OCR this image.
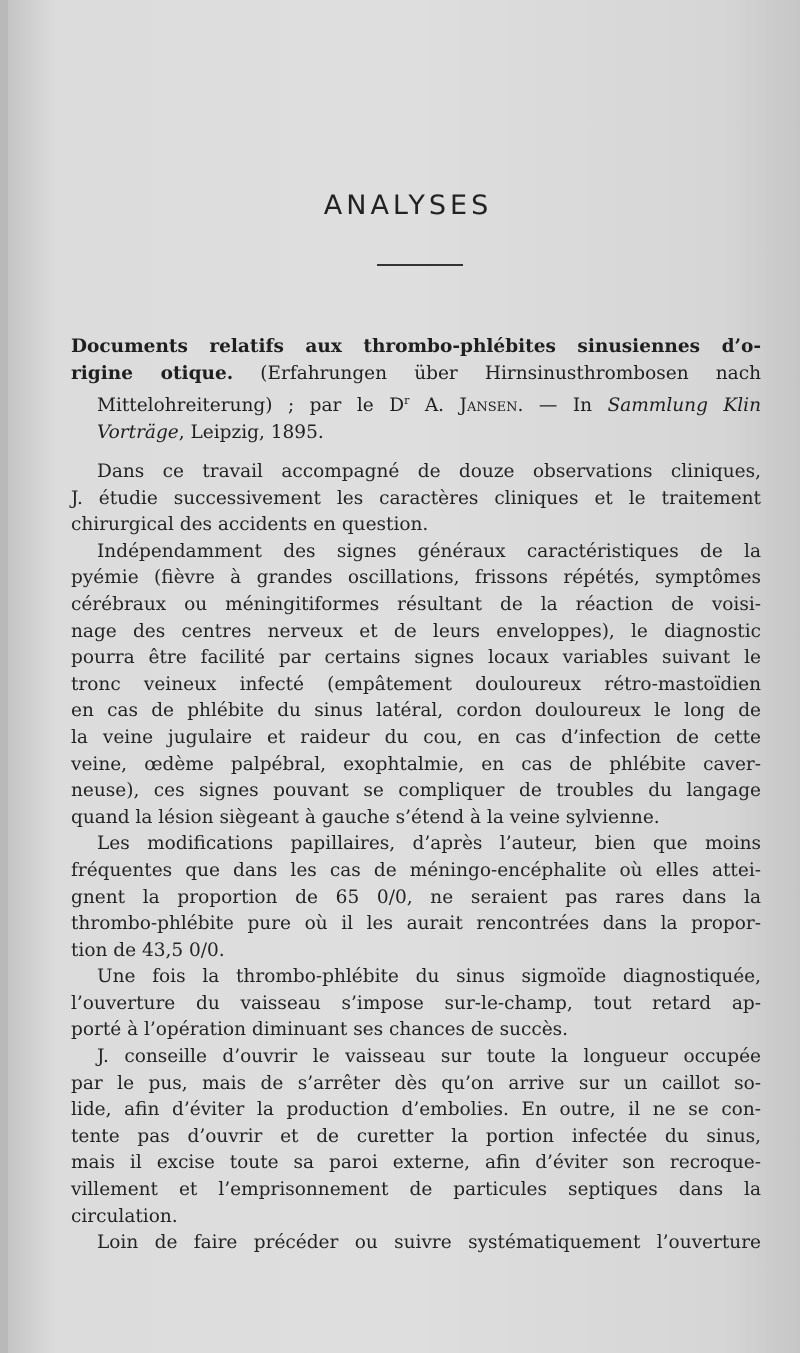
ANALYSES
Documents relatifs aux thrombo-phlébites sinusiennes d’o-
rigine otique. (Erfahrungen über Hirnsinusthrombosen nach
Mittelohreiterung) ; par le $D^r$ A. Jansen. — In Sammlung Klin
Vorträge, Leipzig, 1895.
Dans ce travail accompagné de douze observations cliniques,
J. étudie successivement les caractères cliniques et le traitement
chirurgical des accidents en question.
Indépendamment des signes généraux caractéristiques de la
pyémie (fièvre à grandes oscillations, frissons répétés, symptômes
cérébraux ou méningitiformes résultant de la réaction de voisi-
nage des centres nerveux et de leurs enveloppes), le diagnostic
pourra être facilité par certains signes locaux variables suivant le
tronc veineux infecté (empâtement douloureux rétro-mastoïdien
en cas de phlébite du sinus latéral, cordon douloureux le long de
la veine jugulaire et raideur du cou, en cas d’infection de cette
veine, œdème palpébral, exophtalmie, en cas de phlébite caver-
neuse), ces signes pouvant se compliquer de troubles du langage
quand la lésion siègeant à gauche s’étend à la veine sylvienne.
Les modifications papillaires, d’après l’auteur, bien que moins
fréquentes que dans les cas de méningo-encéphalite où elles attei-
gnent la proportion de 65 0/0, ne seraient pas rares dans la
thrombo-phlébite pure où il les aurait rencontrées dans la propor-
tion de 43,5 0/0.
Une fois la thrombo-phlébite du sinus sigmoïde diagnostiquée,
l’ouverture du vaisseau s’impose sur-le-champ, tout retard ap-
porté à l’opération diminuant ses chances de succès.
J. conseille d’ouvrir le vaisseau sur toute la longueur occupée
par le pus, mais de s’arrêter dès qu’on arrive sur un caillot so-
lide, afin d’éviter la production d’embolies. En outre, il ne se con-
tente pas d’ouvrir et de curetter la portion infectée du sinus,
mais il excise toute sa paroi externe, afin d’éviter son recroque-
villement et l’emprisonnement de particules septiques dans la
circulation.
Loin de faire précéder ou suivre systématiquement l’ouverture
